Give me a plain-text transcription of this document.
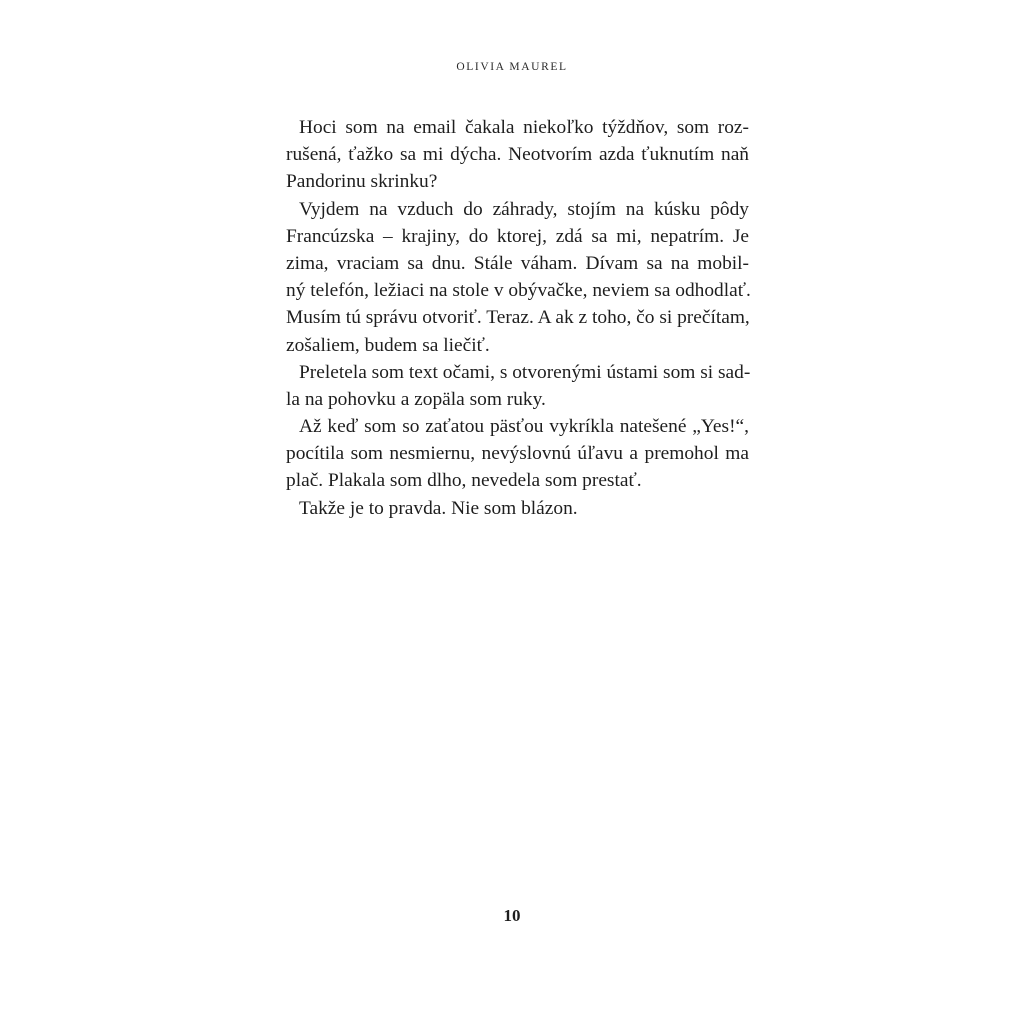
OLIVIA MAUREL
Hoci som na email čakala niekoľko týždňov, som roz-
rušená, ťažko sa mi dýcha. Neotvorím azda ťuknutím naň
Pandorinu skrinku?
Vyjdem na vzduch do záhrady, stojím na kúsku pôdy
Francúzska – krajiny, do ktorej, zdá sa mi, nepatrím. Je
zima, vraciam sa dnu. Stále váham. Dívam sa na mobil-
ný telefón, ležiaci na stole v obývačke, neviem sa odhodlať.
Musím tú správu otvoriť. Teraz. A ak z toho, čo si prečítam,
zošaliem, budem sa liečiť.
Preletela som text očami, s otvorenými ústami som si sad-
la na pohovku a zopäla som ruky.
Až keď som so zaťatou päsťou vykríkla natešené „Yes!“,
pocítila som nesmiernu, nevýslovnú úľavu a premohol ma
plač. Plakala som dlho, nevedela som prestať.
Takže je to pravda. Nie som blázon.
10
